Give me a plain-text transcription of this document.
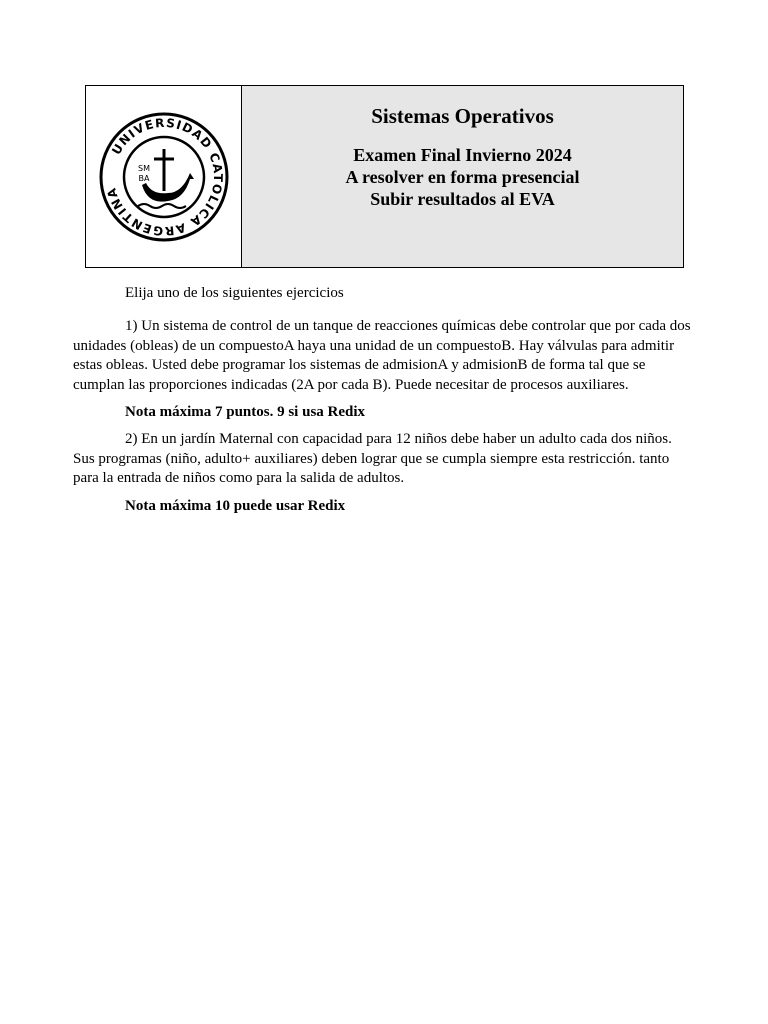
UNIVERSIDAD CATOLICA ARGENTINA
SM
BA
Sistemas Operativos
Examen Final Invierno 2024
A resolver en forma presencial
Subir resultados al EVA

Elija uno de los siguientes ejercicios

1) Un sistema de control de un tanque de reacciones químicas debe controlar que por cada dos unidades (obleas) de un compuestoA haya una unidad de un compuestoB. Hay válvulas para admitir estas obleas. Usted debe programar los sistemas de admisionA y admisionB de forma tal que se cumplan las proporciones indicadas (2A por cada B). Puede necesitar de procesos auxiliares.

Nota máxima 7 puntos. 9 si usa Redix

2) En un jardín Maternal con capacidad para 12 niños debe haber un adulto cada dos niños. Sus programas (niño, adulto+ auxiliares) deben lograr que se cumpla siempre esta restricción. tanto para la entrada de niños como para la salida de adultos.

Nota máxima 10 puede usar Redix
